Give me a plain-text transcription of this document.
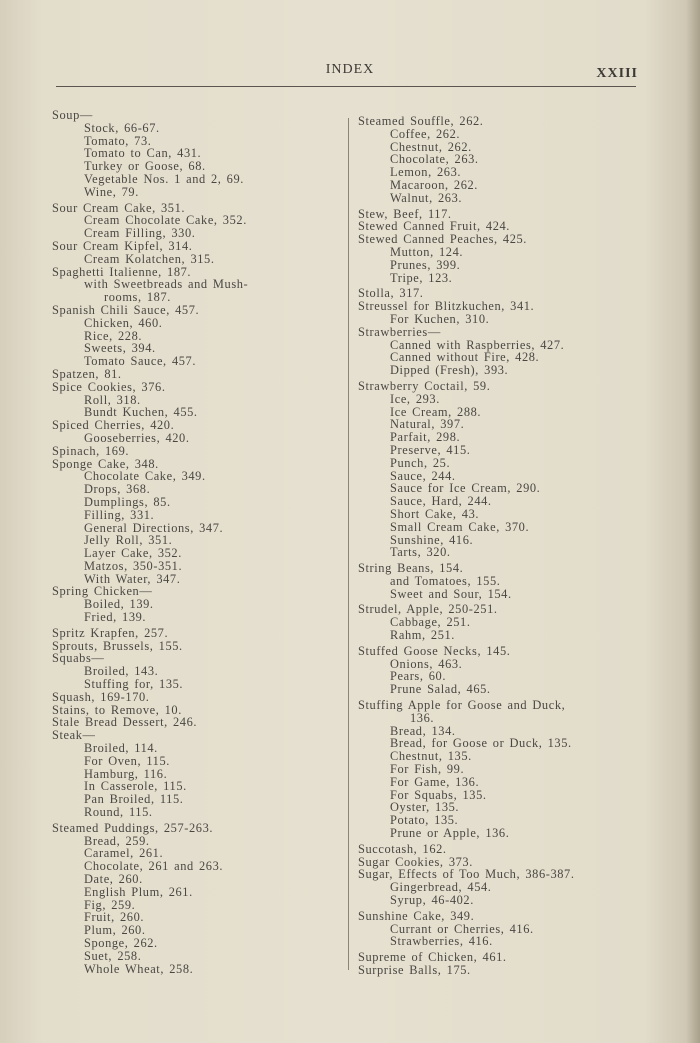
INDEX	XXIII
Soup—
Stock, 66-67.
Tomato, 73.
Tomato to Can, 431.
Turkey or Goose, 68.
Vegetable Nos. 1 and 2, 69.
Wine, 79.
Sour Cream Cake, 351.
Cream Chocolate Cake, 352.
Cream Filling, 330.
Sour Cream Kipfel, 314.
Cream Kolatchen, 315.
Spaghetti Italienne, 187.
with Sweetbreads and Mush-
rooms, 187.
Spanish Chili Sauce, 457.
Chicken, 460.
Rice, 228.
Sweets, 394.
Tomato Sauce, 457.
Spatzen, 81.
Spice Cookies, 376.
Roll, 318.
Bundt Kuchen, 455.
Spiced Cherries, 420.
Gooseberries, 420.
Spinach, 169.
Sponge Cake, 348.
Chocolate Cake, 349.
Drops, 368.
Dumplings, 85.
Filling, 331.
General Directions, 347.
Jelly Roll, 351.
Layer Cake, 352.
Matzos, 350-351.
With Water, 347.
Spring Chicken—
Boiled, 139.
Fried, 139.
Spritz Krapfen, 257.
Sprouts, Brussels, 155.
Squabs—
Broiled, 143.
Stuffing for, 135.
Squash, 169-170.
Stains, to Remove, 10.
Stale Bread Dessert, 246.
Steak—
Broiled, 114.
For Oven, 115.
Hamburg, 116.
In Casserole, 115.
Pan Broiled, 115.
Round, 115.
Steamed Puddings, 257-263.
Bread, 259.
Caramel, 261.
Chocolate, 261 and 263.
Date, 260.
English Plum, 261.
Fig, 259.
Fruit, 260.
Plum, 260.
Sponge, 262.
Suet, 258.
Whole Wheat, 258.
Steamed Souffle, 262.
Coffee, 262.
Chestnut, 262.
Chocolate, 263.
Lemon, 263.
Macaroon, 262.
Walnut, 263.
Stew, Beef, 117.
Stewed Canned Fruit, 424.
Stewed Canned Peaches, 425.
Mutton, 124.
Prunes, 399.
Tripe, 123.
Stolla, 317.
Streussel for Blitzkuchen, 341.
For Kuchen, 310.
Strawberries—
Canned with Raspberries, 427.
Canned without Fire, 428.
Dipped (Fresh), 393.
Strawberry Coctail, 59.
Ice, 293.
Ice Cream, 288.
Natural, 397.
Parfait, 298.
Preserve, 415.
Punch, 25.
Sauce, 244.
Sauce for Ice Cream, 290.
Sauce, Hard, 244.
Short Cake, 43.
Small Cream Cake, 370.
Sunshine, 416.
Tarts, 320.
String Beans, 154.
and Tomatoes, 155.
Sweet and Sour, 154.
Strudel, Apple, 250-251.
Cabbage, 251.
Rahm, 251.
Stuffed Goose Necks, 145.
Onions, 463.
Pears, 60.
Prune Salad, 465.
Stuffing Apple for Goose and Duck,
136.
Bread, 134.
Bread, for Goose or Duck, 135.
Chestnut, 135.
For Fish, 99.
For Game, 136.
For Squabs, 135.
Oyster, 135.
Potato, 135.
Prune or Apple, 136.
Succotash, 162.
Sugar Cookies, 373.
Sugar, Effects of Too Much, 386-387.
Gingerbread, 454.
Syrup, 46-402.
Sunshine Cake, 349.
Currant or Cherries, 416.
Strawberries, 416.
Supreme of Chicken, 461.
Surprise Balls, 175.
